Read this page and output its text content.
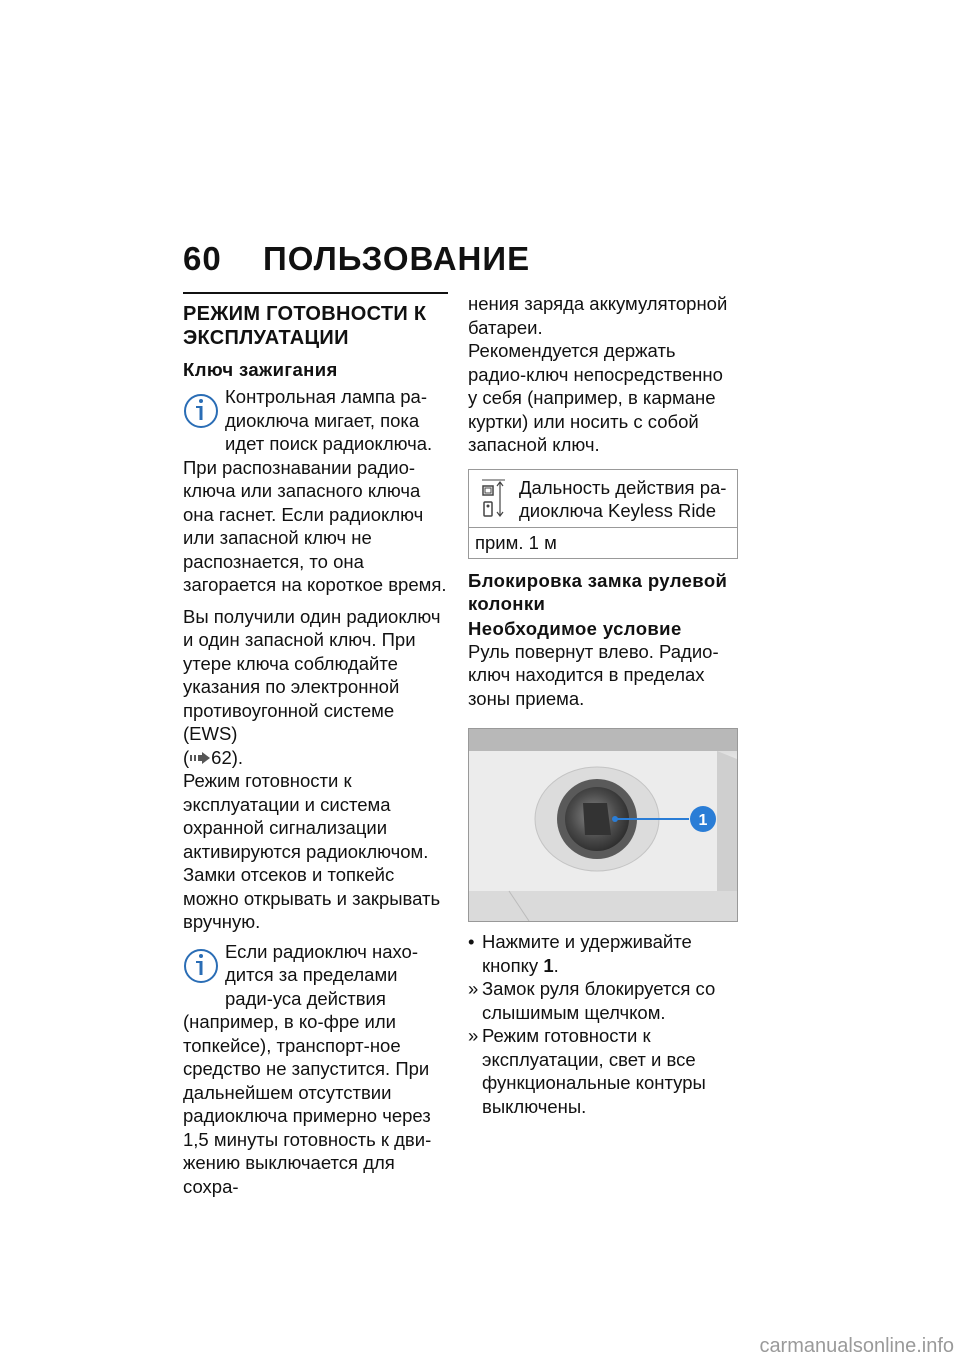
60 ПОЛЬЗОВАНИЕ
РЕЖИМ ГОТОВНОСТИ К ЭКСПЛУАТАЦИИ
Ключ зажигания

Контрольная лампа ра-диоключа мигает, пока идет поиск радиоключа. При распознавании радио-ключа или запасного ключа она гаснет. Если радиоключ или запасной ключ не распознается, то она загорается на короткое время.

Вы получили один радиоключ и один запасной ключ. При утере ключа соблюдайте указания по электронной противоугонной системе (EWS)
( 62).

Режим готовности к эксплуатации и система охранной сигнализации активируются радиоключом. Замки отсеков и топкейс можно открывать и закрывать вручную.

Если радиоключ нахо-дится за пределами ради-уса действия (например, в ко-фре или топкейсе), транспорт-ное средство не запустится. При дальнейшем отсутствии радиоключа примерно через 1,5 минуты готовность к дви-жению выключается для сохра-

нения заряда аккумуляторной батареи.

Рекомендуется держать радио-ключ непосредственно у себя (например, в кармане куртки) или носить с собой запасной ключ.

Дальность действия ра-диоключа Keyless Ride

прим. 1 м
Блокировка замка рулевой колонки
Необходимое условие

Руль повернут влево. Радио-ключ находится в пределах зоны приема.

1
• Нажмите и удерживайте кнопку 1.
» Замок руля блокируется со слышимым щелчком.
» Режим готовности к эксплуатации, свет и все функциональные контуры выключены.
carmanualsonline.info
